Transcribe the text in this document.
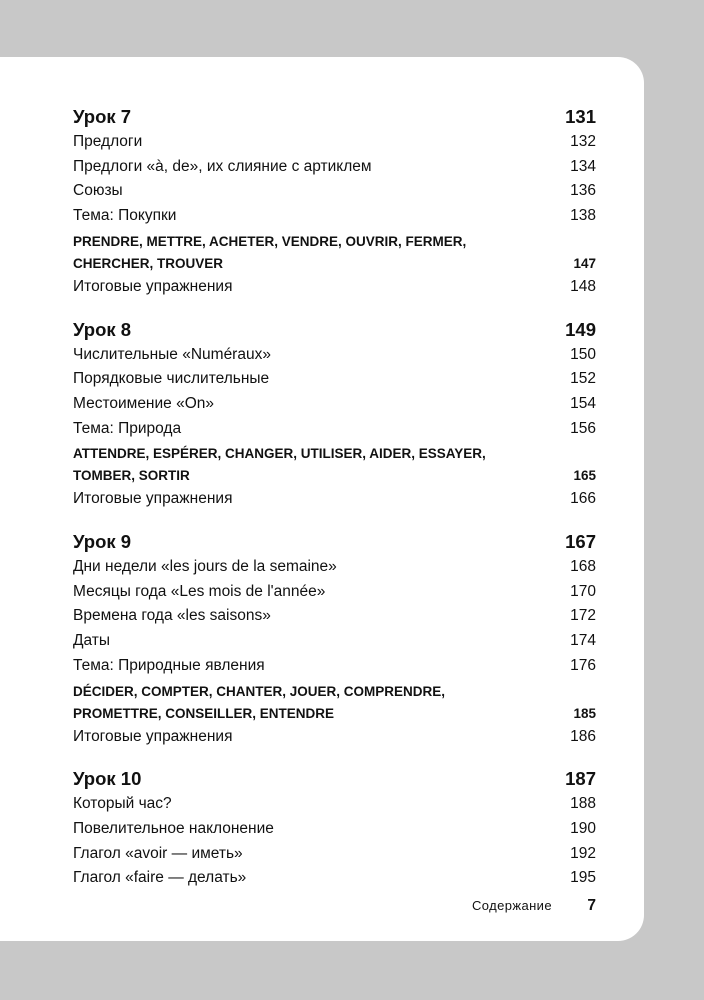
Урок 7	131
Предлоги	132
Предлоги «à, de», их слияние с артиклем	134
Союзы	136
Тема: Покупки	138
PRENDRE, METTRE, ACHETER, VENDRE, OUVRIR, FERMER, CHERCHER, TROUVER	147
Итоговые упражнения	148
Урок 8	149
Числительные «Numéraux»	150
Порядковые числительные	152
Местоимение «On»	154
Тема: Природа	156
ATTENDRE, ESPÉRER, CHANGER, UTILISER, AIDER, ESSAYER, TOMBER, SORTIR	165
Итоговые упражнения	166
Урок 9	167
Дни недели «les jours de la semaine»	168
Месяцы года «Les mois de l'année»	170
Времена года «les saisons»	172
Даты	174
Тема: Природные явления	176
DÉCIDER, COMPTER, CHANTER, JOUER, COMPRENDRE, PROMETTRE, CONSEILLER, ENTENDRE	185
Итоговые упражнения	186
Урок 10	187
Который час?	188
Повелительное наклонение	190
Глагол «avoir — иметь»	192
Глагол «faire — делать»	195
Содержание 7
